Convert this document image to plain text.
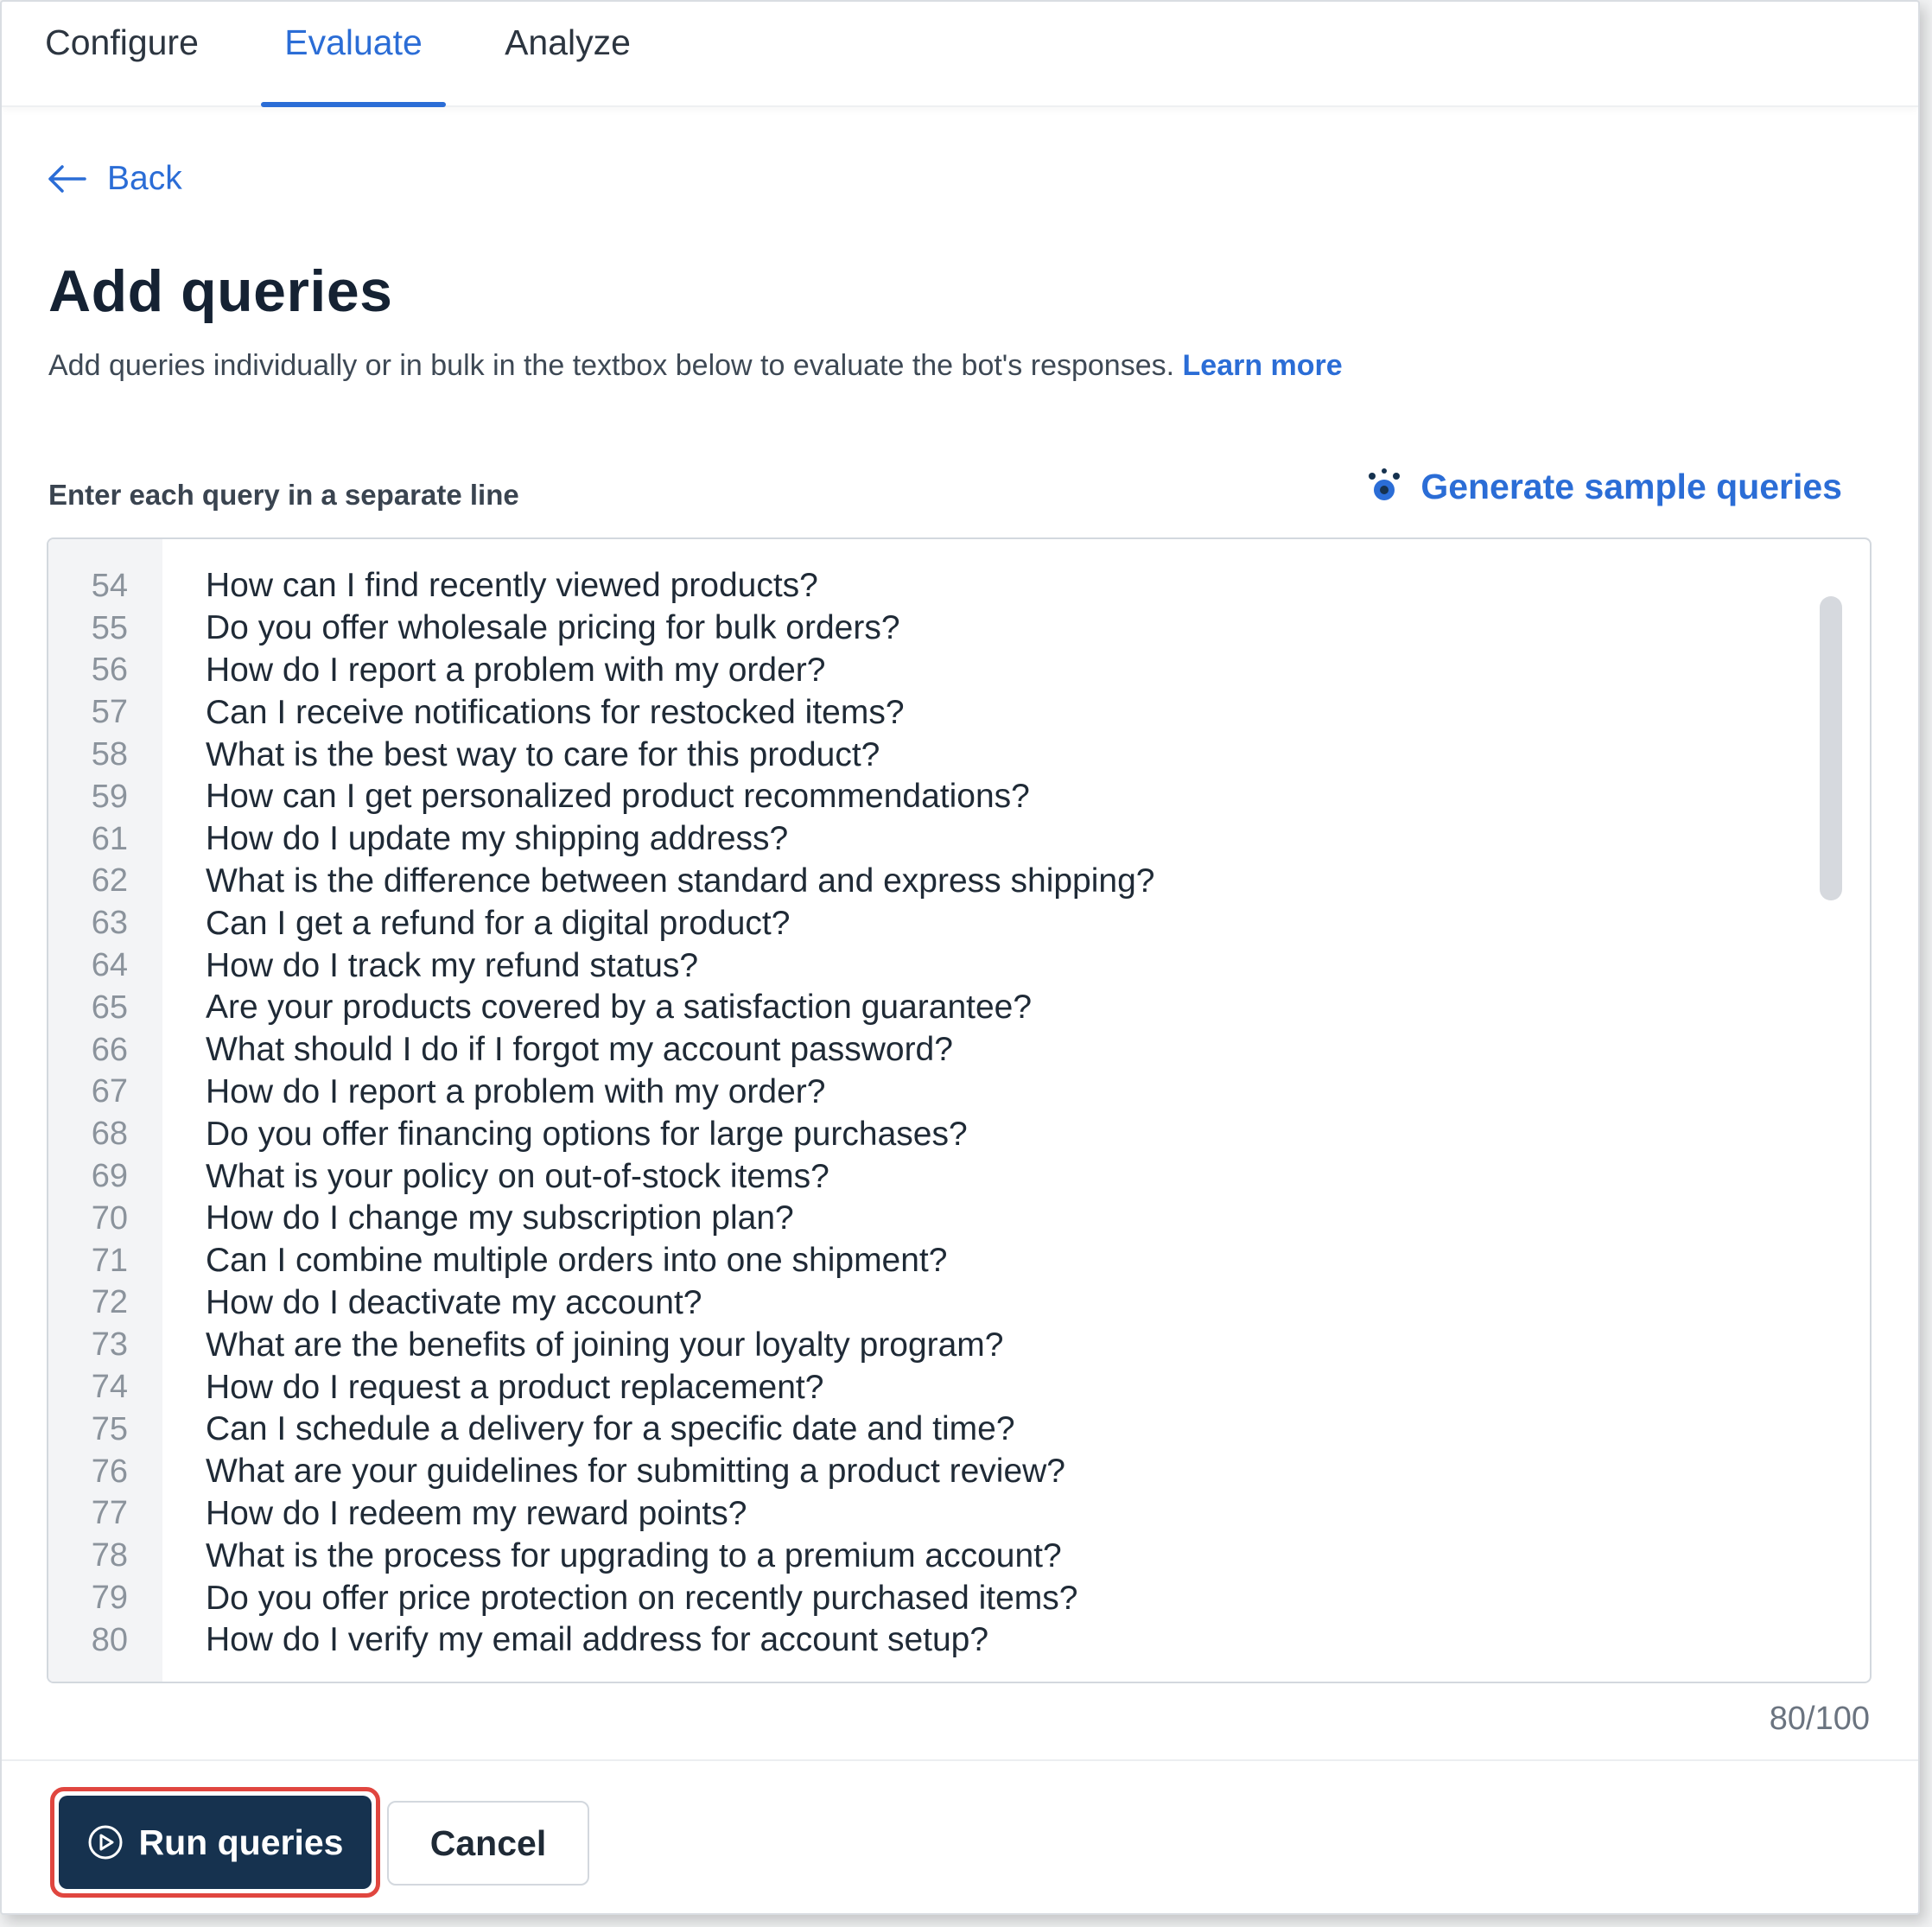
Configure	Evaluate	Analyze
Back
Add queries

Add queries individually or in bulk in the textbox below to evaluate the bot's responses. Learn more

Enter each query in a separate line	Generate sample queries
54	How can I find recently viewed products?
55	Do you offer wholesale pricing for bulk orders?
56	How do I report a problem with my order?
57	Can I receive notifications for restocked items?
58	What is the best way to care for this product?
59	How can I get personalized product recommendations?
61	How do I update my shipping address?
62	What is the difference between standard and express shipping?
63	Can I get a refund for a digital product?
64	How do I track my refund status?
65	Are your products covered by a satisfaction guarantee?
66	What should I do if I forgot my account password?
67	How do I report a problem with my order?
68	Do you offer financing options for large purchases?
69	What is your policy on out-of-stock items?
70	How do I change my subscription plan?
71	Can I combine multiple orders into one shipment?
72	How do I deactivate my account?
73	What are the benefits of joining your loyalty program?
74	How do I request a product replacement?
75	Can I schedule a delivery for a specific date and time?
76	What are your guidelines for submitting a product review?
77	How do I redeem my reward points?
78	What is the process for upgrading to a premium account?
79	Do you offer price protection on recently purchased items?
80	How do I verify my email address for account setup?
80/100
Run queries	Cancel
